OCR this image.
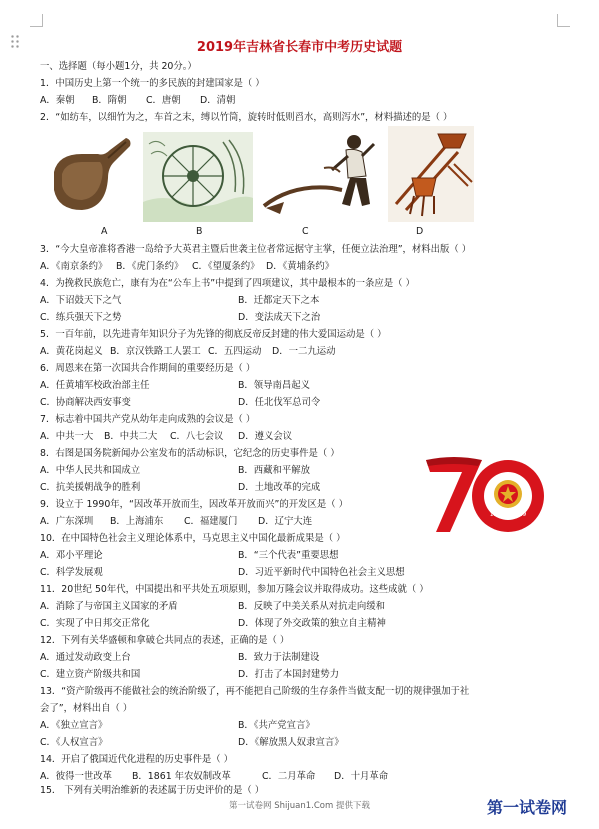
2019年吉林省长春市中考历史试题
一、选择题（每小题1分，共 20分。）
1．中国历史上第一个统一的多民族的封建国家是（ ）
A．秦朝 B．隋朝 C．唐朝 D．清朝
2．“如纺车，以细竹为之，车首之末，缚以竹筒，旋转时低则舀水，高则泻水”，材料描述的是（ ）
A	B	C	D
3．“今大皇帝准将香港一岛给予大英君主暨后世袭主位者常远据守主掌，任便立法治理”，材料出版（ ）
A．《南京条约》 B．《虎门条约》 C．《望厦条约》 D．《黄埔条约》
4．为挽救民族危亡，康有为在“公车上书”中提到了四项建议，其中最根本的一条应是（ ）
A．下诏鼓天下之气	B．迁都定天下之本
C．练兵强天下之势	D．变法成天下之治
5．一百年前，以先进青年知识分子为先锋的彻底反帝反封建的伟大爱国运动是（ ）
A．黄花岗起义 B．京汉铁路工人罢工 C．五四运动 D．一二九运动
6．周恩来在第一次国共合作期间的重要经历是（ ）
A．任黄埔军校政治部主任	B．领导南昌起义
C．协商解决西安事变	D．任北伐军总司令
7．标志着中国共产党从幼年走向成熟的会议是（ ）
A．中共一大 B．中共二大 C．八七会议 D．遵义会议
8．右图是国务院新闻办公室发布的活动标识，它纪念的历史事件是（ ）
A．中华人民共和国成立	B．西藏和平解放
C．抗美援朝战争的胜利	D．土地改革的完成
1949－2019
9．设立于 1990年，“因改革开放而生，因改革开放而兴”的开发区是（ ）
A．广东深圳 B．上海浦东 C．福建厦门 D．辽宁大连
10．在中国特色社会主义理论体系中，马克思主义中国化最新成果是（ ）
A．邓小平理论	B．“三个代表”重要思想
C．科学发展观	D．习近平新时代中国特色社会主义思想
11．20世纪 50年代，中国提出和平共处五项原则，参加万隆会议并取得成功。这些成就（ ）
A．消除了与帝国主义国家的矛盾	B．反映了中美关系从对抗走向缓和
C．实现了中日邦交正常化	D．体现了外交政策的独立自主精神
12．下列有关华盛顿和拿破仑共同点的表述，正确的是（ ）
A．通过发动政变上台	B．致力于法制建设
C．建立资产阶级共和国	D．打击了本国封建势力
13．“资产阶级再不能做社会的统治阶级了，再不能把自己阶级的生存条件当做支配一切的规律强加于社
会了”，材料出自（ ）
A．《独立宣言》	B．《共产党宣言》
C．《人权宣言》	D．《解放黑人奴隶宣言》
14．开启了俄国近代化进程的历史事件是（ ）
A．彼得一世改革 B．1861 年农奴制改革	C．二月革命 D．十月革命
15． 下列有关明治维新的表述属于历史评价的是（ ）
第一试卷网 Shijuan1.Com 提供下载	第一试卷网
